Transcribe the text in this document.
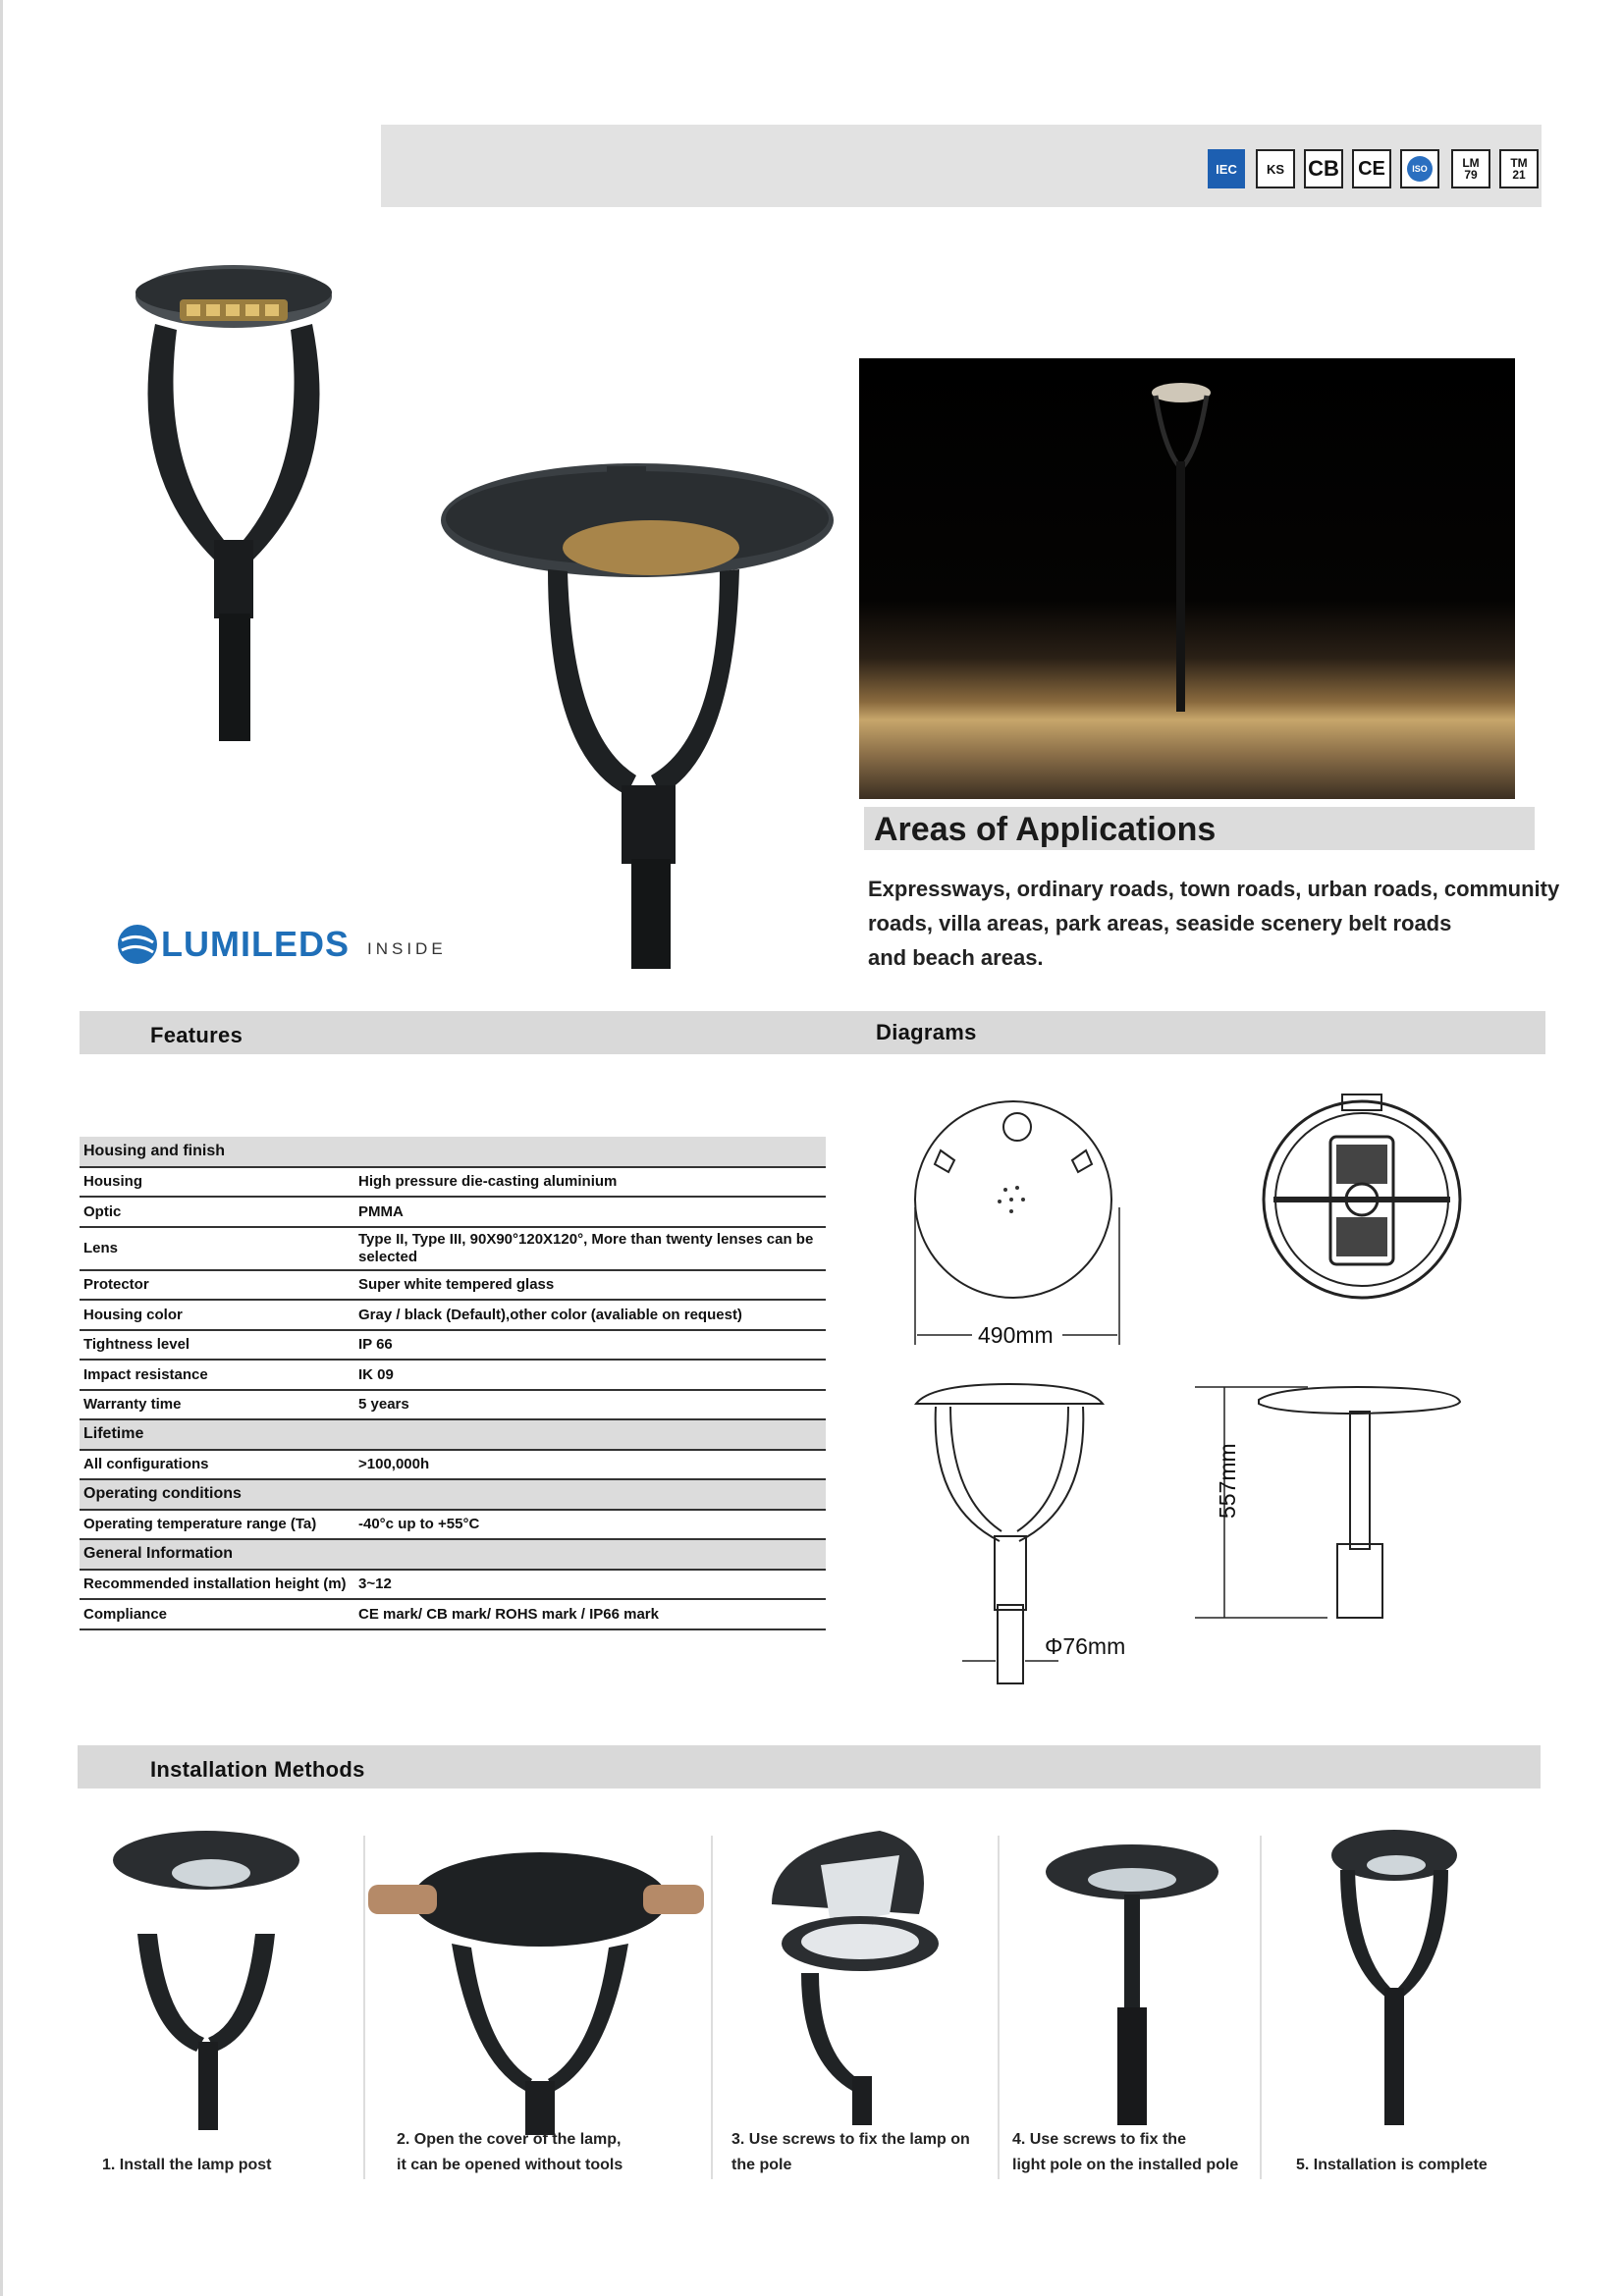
IEC KS CB CE	ISO	LM
79
TM
21
LUMILEDS INSIDE
Areas of Applications
Expressways, ordinary roads, town roads, urban roads, community
roads, villa areas, park areas, seaside scenery belt roads
and beach areas.
Features	Diagrams
Housing and finish	
Housing	High pressure die-casting aluminium
Optic	PMMA
Lens	Type II, Type III, 90X90°120X120°, More than twenty lenses can be selected
Protector	Super white tempered glass
Housing color	Gray / black (Default),other color (avaliable on request)
Tightness level	IP 66
Impact resistance	IK 09
Warranty time	5 years
Lifetime	
All configurations	>100,000h
Operating conditions	
Operating temperature range (Ta)	-40°c up to +55°C
General Information	
Recommended installation height (m)	3~12
Compliance	CE mark/ CB mark/ ROHS mark / IP66 mark
490mm
Φ76mm
557mm
Installation Methods

1. Install the lamp post
2. Open the cover of the lamp,
it can be opened without tools
3. Use screws to fix the lamp on
the pole
4. Use screws to fix the
light pole on the installed pole
	5. Installation is complete
